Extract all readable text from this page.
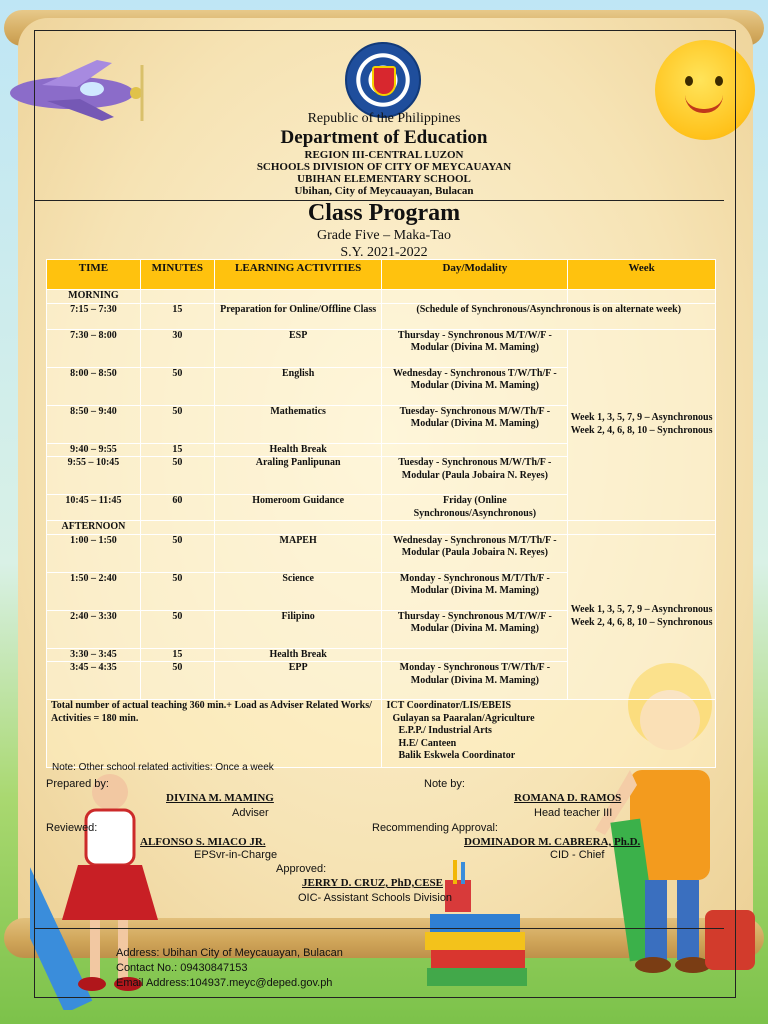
Republic of the Philippines
Department of Education
REGION III-CENTRAL LUZON
SCHOOLS DIVISION OF CITY OF MEYCAUAYAN
UBIHAN ELEMENTARY SCHOOL
Ubihan, City of Meycauayan, Bulacan
Class Program
Grade Five – Maka-Tao
S.Y. 2021-2022
TIME	MINUTES	LEARNING ACTIVITIES	Day/Modality	Week
MORNING				
7:15 – 7:30	15	Preparation for Online/Offline Class	(Schedule of Synchronous/Asynchronous is on alternate week)	
7:30 – 8:00	30	ESP	Thursday - Synchronous M/T/W/F - Modular (Divina M. Maming)	Week 1, 3, 5, 7, 9 – Asynchronous Week 2, 4, 6, 8, 10 – Synchronous
8:00 – 8:50	50	English	Wednesday - Synchronous T/W/Th/F - Modular (Divina M. Maming)	
8:50 – 9:40	50	Mathematics	Tuesday- Synchronous M/W/Th/F - Modular (Divina M. Maming)	
9:40 – 9:55	15	Health Break		
9:55 – 10:45	50	Araling Panlipunan	Tuesday - Synchronous M/W/Th/F - Modular (Paula Jobaira N. Reyes)	
10:45 – 11:45	60	Homeroom Guidance	Friday (Online Synchronous/Asynchronous)	
AFTERNOON				
1:00 – 1:50	50	MAPEH	Wednesday - Synchronous M/T/Th/F - Modular (Paula Jobaira N. Reyes)	Week 1, 3, 5, 7, 9 – Asynchronous Week 2, 4, 6, 8, 10 – Synchronous
1:50 – 2:40	50	Science	Monday - Synchronous M/T/Th/F - Modular (Divina M. Maming)	
2:40 – 3:30	50	Filipino	Thursday - Synchronous M/T/W/F - Modular (Divina M. Maming)	
3:30 – 3:45	15	Health Break		
3:45 – 4:35	50	EPP	Monday - Synchronous T/W/Th/F - Modular (Divina M. Maming)	
Total number of actual teaching 360 min.+ Load as Adviser Related Works/ Activities = 180 min.			ICT Coordinator/LIS/EBEIS
Gulayan sa Paaralan/Agriculture
E.P.P./ Industrial Arts
H.E/ Canteen
Balik Eskwela Coordinator	
Note: Other school related activities: Once a week
Prepared by:
DIVINA M. MAMING
Adviser
Note by:
ROMANA D. RAMOS
Head teacher III
Reviewed:
ALFONSO S. MIACO JR.
EPSvr-in-Charge
Recommending Approval:
DOMINADOR M. CABRERA, Ph.D.
CID - Chief
Approved:
JERRY D. CRUZ, PhD,CESE
OIC- Assistant Schools Division
Address: Ubihan City of Meycauayan, Bulacan
Contact No.: 09430847153
Email Address:104937.meyc@deped.gov.ph
